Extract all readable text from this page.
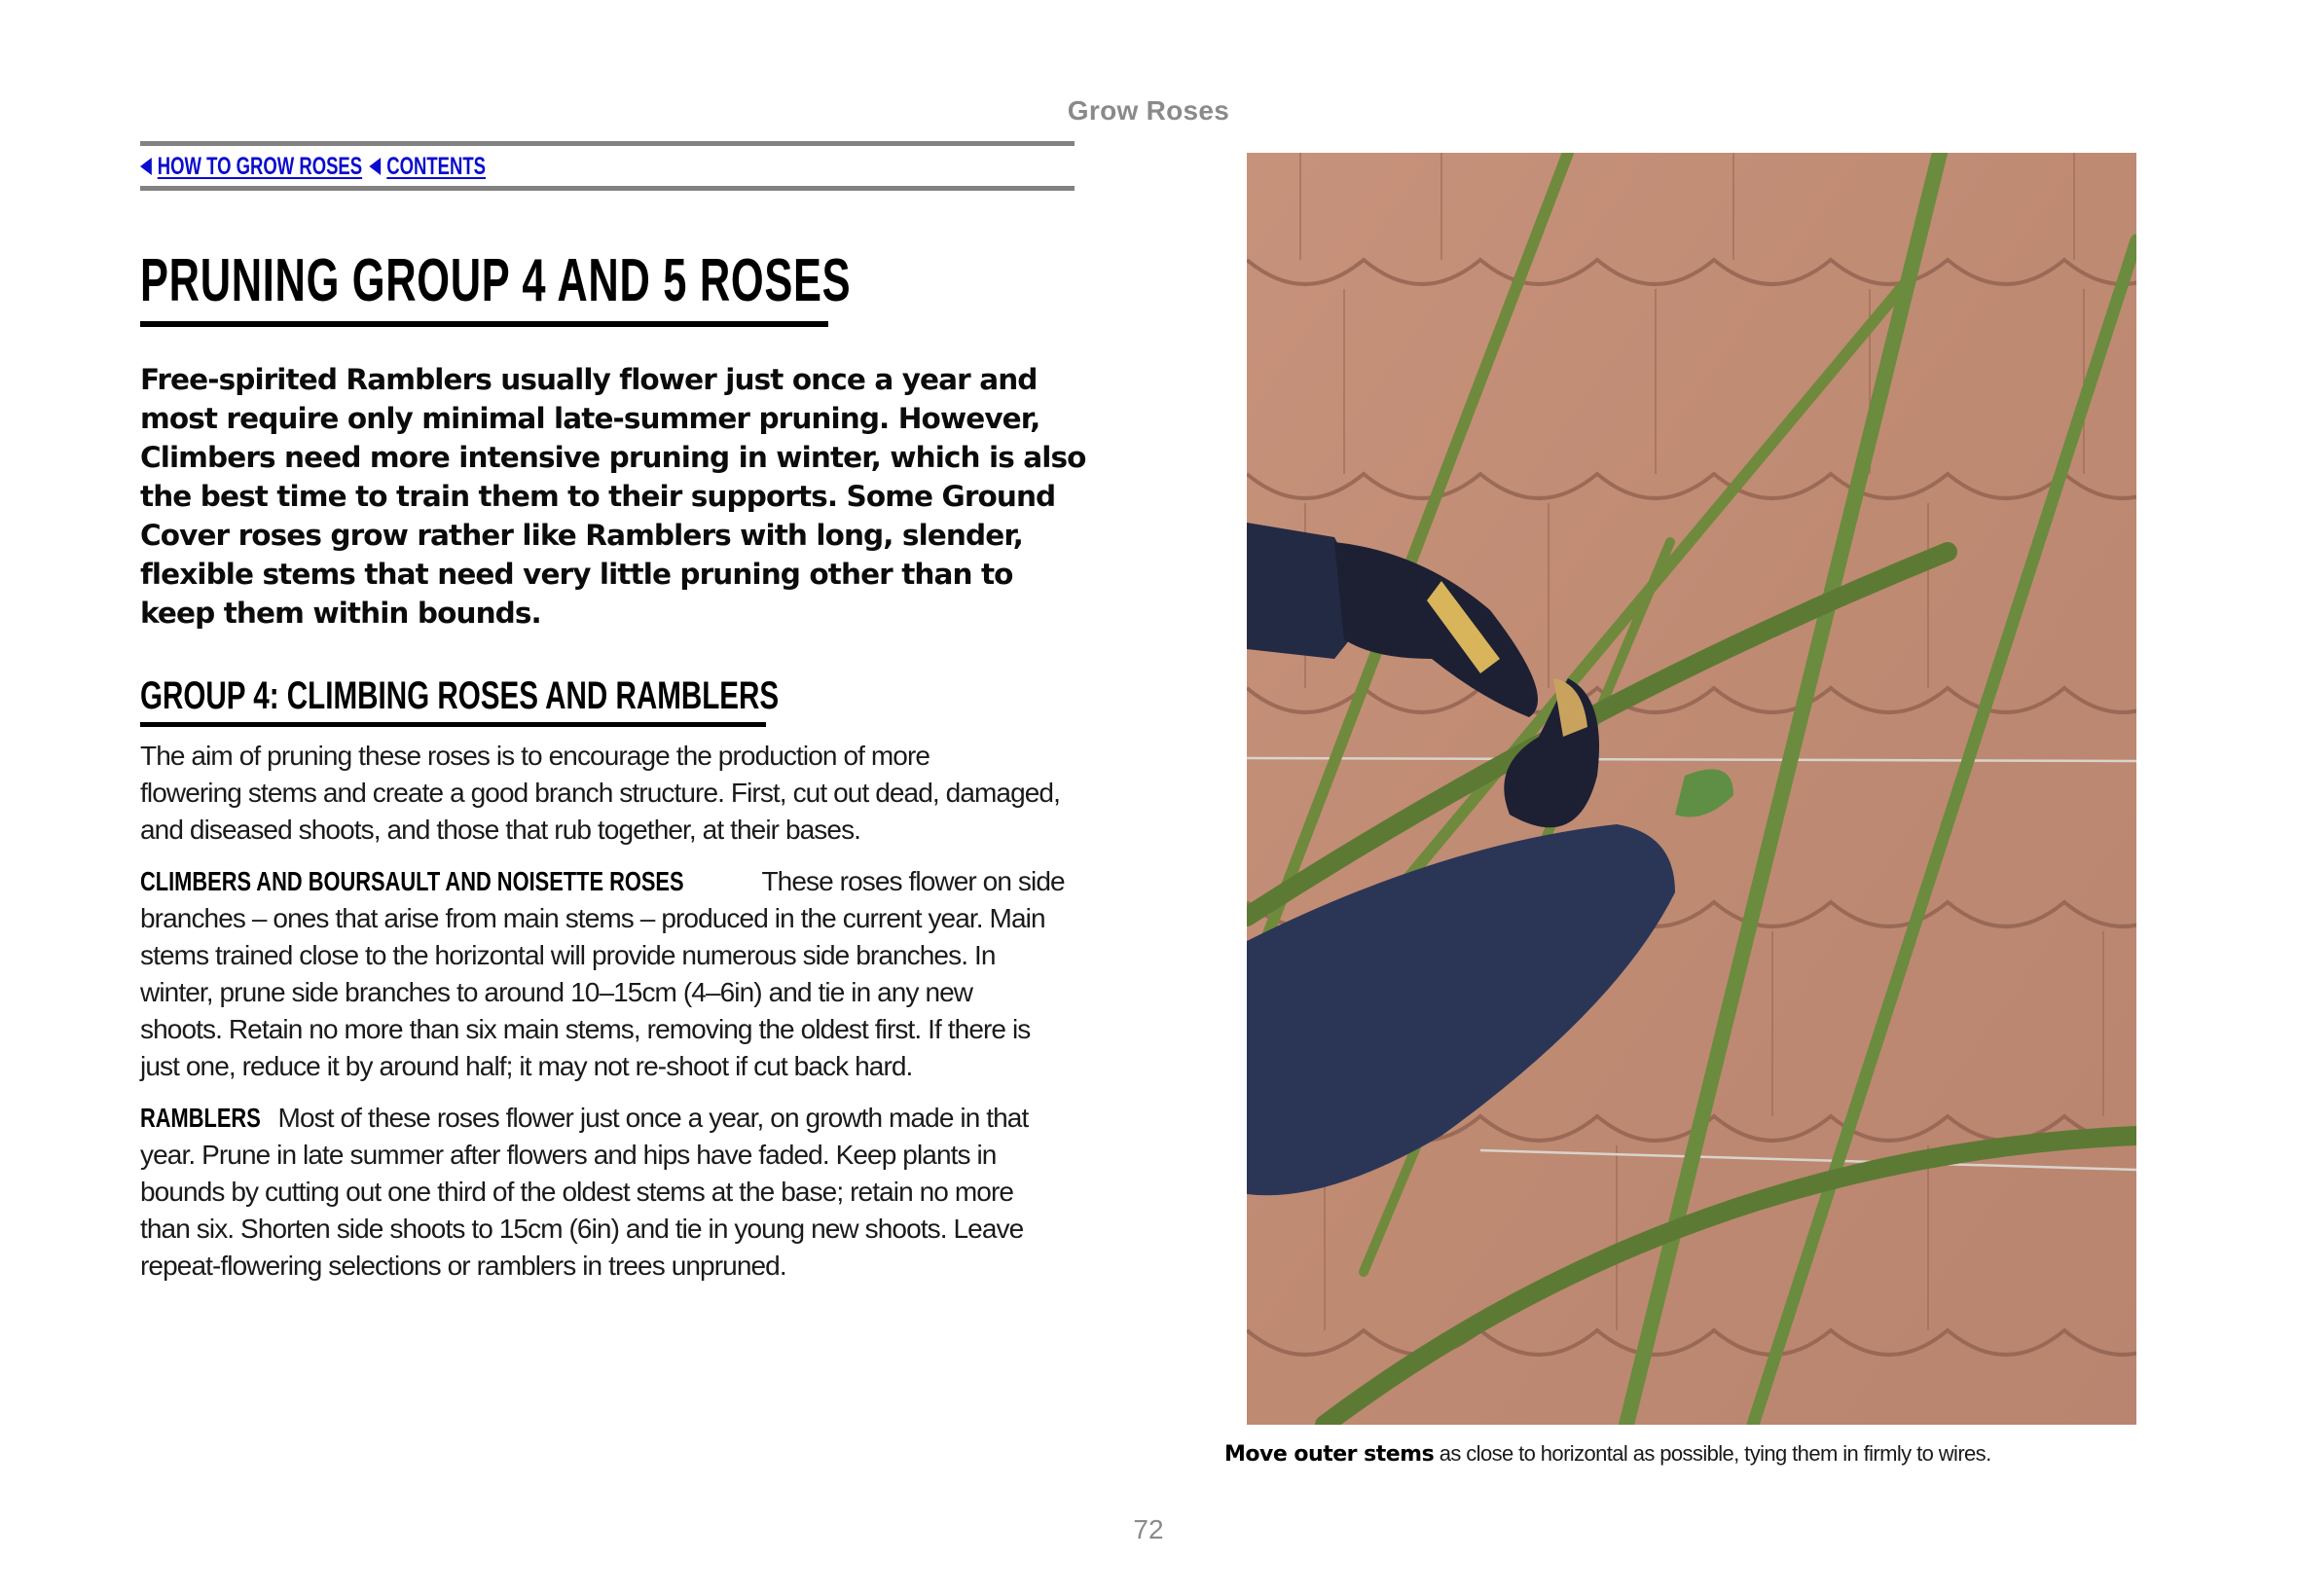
Grow Roses
HOW TO GROW ROSES CONTENTS
PRUNING GROUP 4 AND 5 ROSES
Free-spirited Ramblers usually flower just once a year and
most require only minimal late-summer pruning. However,
Climbers need more intensive pruning in winter, which is also
the best time to train them to their supports. Some Ground
Cover roses grow rather like Ramblers with long, slender,
flexible stems that need very little pruning other than to
keep them within bounds.
GROUP 4: CLIMBING ROSES AND RAMBLERS
The aim of pruning these roses is to encourage the production of more
flowering stems and create a good branch structure. First, cut out dead, damaged,
and diseased shoots, and those that rub together, at their bases.
CLIMBERS AND BOURSAULT AND NOISETTE ROSES	These roses flower on side
branches – ones that arise from main stems – produced in the current year. Main
stems trained close to the horizontal will provide numerous side branches. In
winter, prune side branches to around 10–15cm (4–6in) and tie in any new
shoots. Retain no more than six main stems, removing the oldest first. If there is
just one, reduce it by around half; it may not re-shoot if cut back hard.
RAMBLERS Most of these roses flower just once a year, on growth made in that
year. Prune in late summer after flowers and hips have faded. Keep plants in
bounds by cutting out one third of the oldest stems at the base; retain no more
than six. Shorten side shoots to 15cm (6in) and tie in young new shoots. Leave
repeat-flowering selections or ramblers in trees unpruned.
Move outer stems as close to horizontal as possible, tying them in firmly to wires.
72
